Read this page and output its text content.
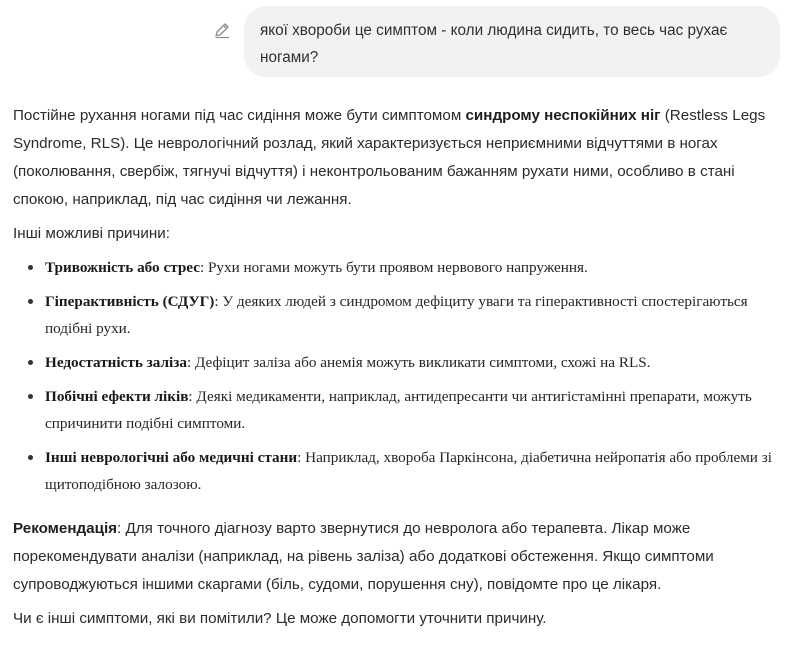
якої хвороби це симптом - коли людина сидить, то весь час рухає
ногами?

Постійне рухання ногами під час сидіння може бути симптомом синдрому неспокійних ніг (Restless Legs Syndrome, RLS). Це неврологічний розлад, який характеризується неприємними відчуттями в ногах (поколювання, свербіж, тягнучі відчуття) і неконтрольованим бажанням рухати ними, особливо в стані спокою, наприклад, під час сидіння чи лежання.

Інші можливі причини:

Тривожність або стрес: Рухи ногами можуть бути проявом нервового напруження.
Гіперактивність (СДУГ): У деяких людей з синдромом дефіциту уваги та гіперактивності спостерігаються подібні рухи.
Недостатність заліза: Дефіцит заліза або анемія можуть викликати симптоми, схожі на RLS.
Побічні ефекти ліків: Деякі медикаменти, наприклад, антидепресанти чи антигістамінні препарати, можуть спричинити подібні симптоми.
Інші неврологічні або медичні стани: Наприклад, хвороба Паркінсона, діабетична нейропатія або проблеми зі щитоподібною залозою.

Рекомендація: Для точного діагнозу варто звернутися до невролога або терапевта. Лікар може порекомендувати аналізи (наприклад, на рівень заліза) або додаткові обстеження. Якщо симптоми супроводжуються іншими скаргами (біль, судоми, порушення сну), повідомте про це лікаря.

Чи є інші симптоми, які ви помітили? Це може допомогти уточнити причину.
